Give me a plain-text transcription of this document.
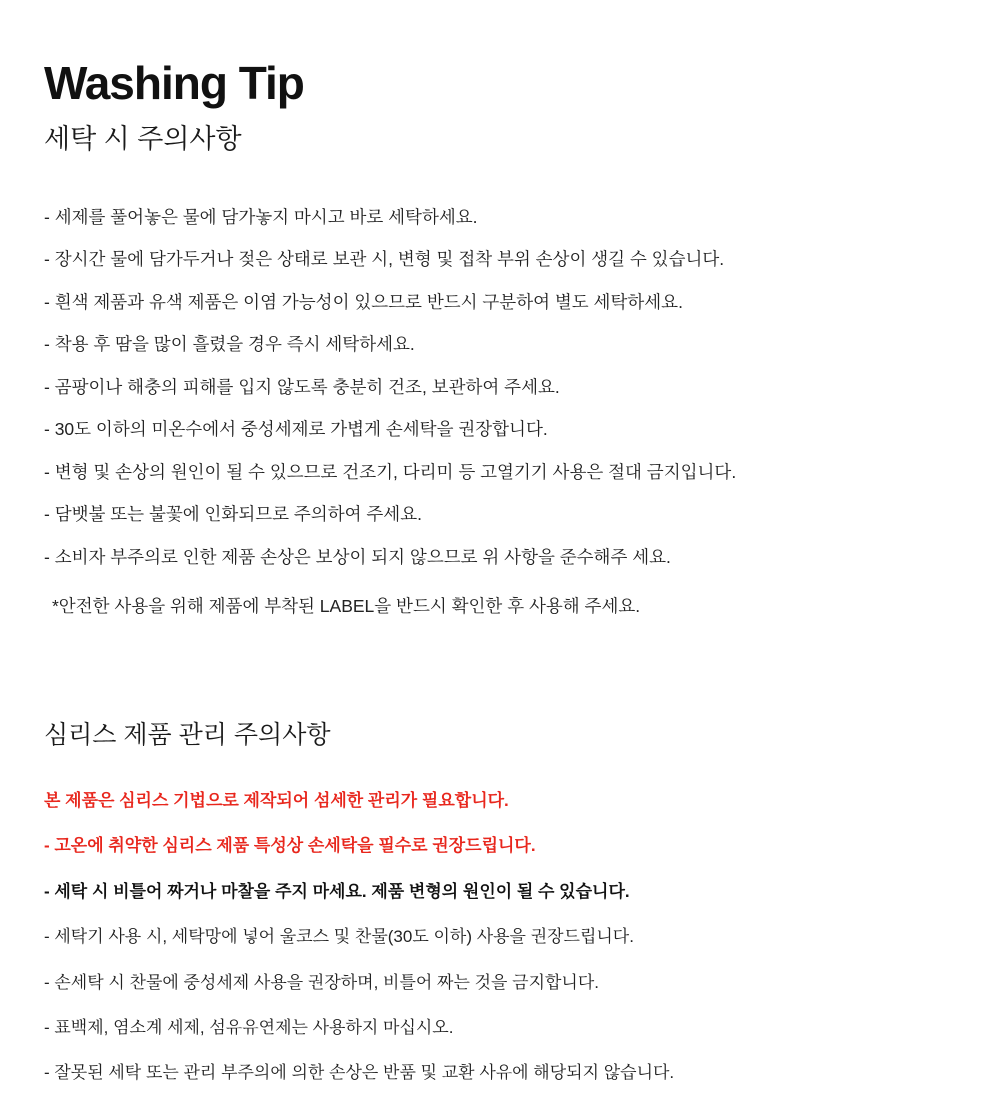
Washing Tip
세탁 시 주의사항
- 세제를 풀어놓은 물에 담가놓지 마시고 바로 세탁하세요.
- 장시간 물에 담가두거나 젖은 상태로 보관 시, 변형 및 접착 부위 손상이 생길 수 있습니다.
- 흰색 제품과 유색 제품은 이염 가능성이 있으므로 반드시 구분하여 별도 세탁하세요.
- 착용 후 땀을 많이 흘렸을 경우 즉시 세탁하세요.
- 곰팡이나 해충의 피해를 입지 않도록 충분히 건조, 보관하여 주세요.
- 30도 이하의 미온수에서 중성세제로 가볍게 손세탁을 권장합니다.
- 변형 및 손상의 원인이 될 수 있으므로 건조기, 다리미 등 고열기기 사용은 절대 금지입니다.
- 담뱃불 또는 불꽃에 인화되므로 주의하여 주세요.
- 소비자 부주의로 인한 제품 손상은 보상이 되지 않으므로 위 사항을 준수해주 세요.
*안전한 사용을 위해 제품에 부착된 LABEL을 반드시 확인한 후 사용해 주세요.
심리스 제품 관리 주의사항
본 제품은 심리스 기법으로 제작되어 섬세한 관리가 필요합니다.
- 고온에 취약한 심리스 제품 특성상 손세탁을 필수로 권장드립니다.
- 세탁 시 비틀어 짜거나 마찰을 주지 마세요. 제품 변형의 원인이 될 수 있습니다.
- 세탁기 사용 시, 세탁망에 넣어 울코스 및 찬물(30도 이하) 사용을 권장드립니다.
- 손세탁 시 찬물에 중성세제 사용을 권장하며, 비틀어 짜는 것을 금지합니다.
- 표백제, 염소계 세제, 섬유유연제는 사용하지 마십시오.
- 잘못된 세탁 또는 관리 부주의에 의한 손상은 반품 및 교환 사유에 해당되지 않습니다.
